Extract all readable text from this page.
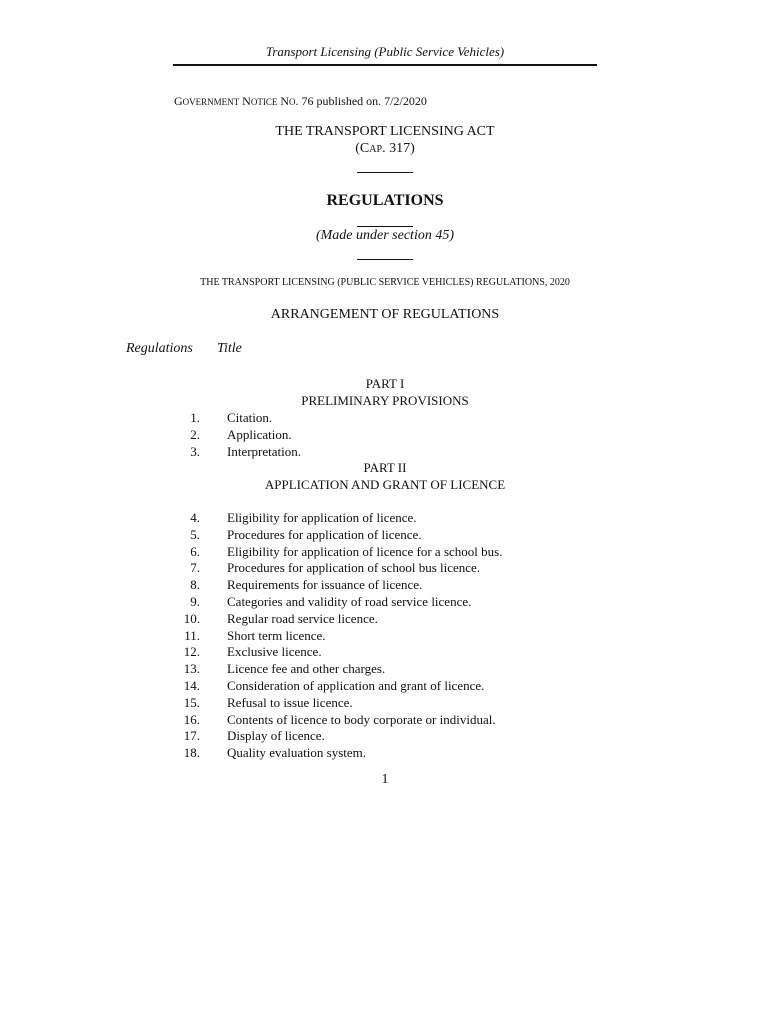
Transport Licensing (Public Service Vehicles)
GOVERNMENT NOTICE NO. 76 published on. 7/2/2020
THE TRANSPORT LICENSING ACT
(CAP. 317)
REGULATIONS
(Made under section 45)
THE TRANSPORT LICENSING (PUBLIC SERVICE VEHICLES) REGULATIONS, 2020
ARRANGEMENT OF REGULATIONS
Regulations Title
PART I
PRELIMINARY PROVISIONS
1. Citation.
2. Application.
3. Interpretation.
PART II
APPLICATION AND GRANT OF LICENCE
4. Eligibility for application of licence.
5. Procedures for application of licence.
6. Eligibility for application of licence for a school bus.
7. Procedures for application of school bus licence.
8. Requirements for issuance of licence.
9. Categories and validity of road service licence.
10. Regular road service licence.
11. Short term licence.
12. Exclusive licence.
13. Licence fee and other charges.
14. Consideration of application and grant of licence.
15. Refusal to issue licence.
16. Contents of licence to body corporate or individual.
17. Display of licence.
18. Quality evaluation system.
1
